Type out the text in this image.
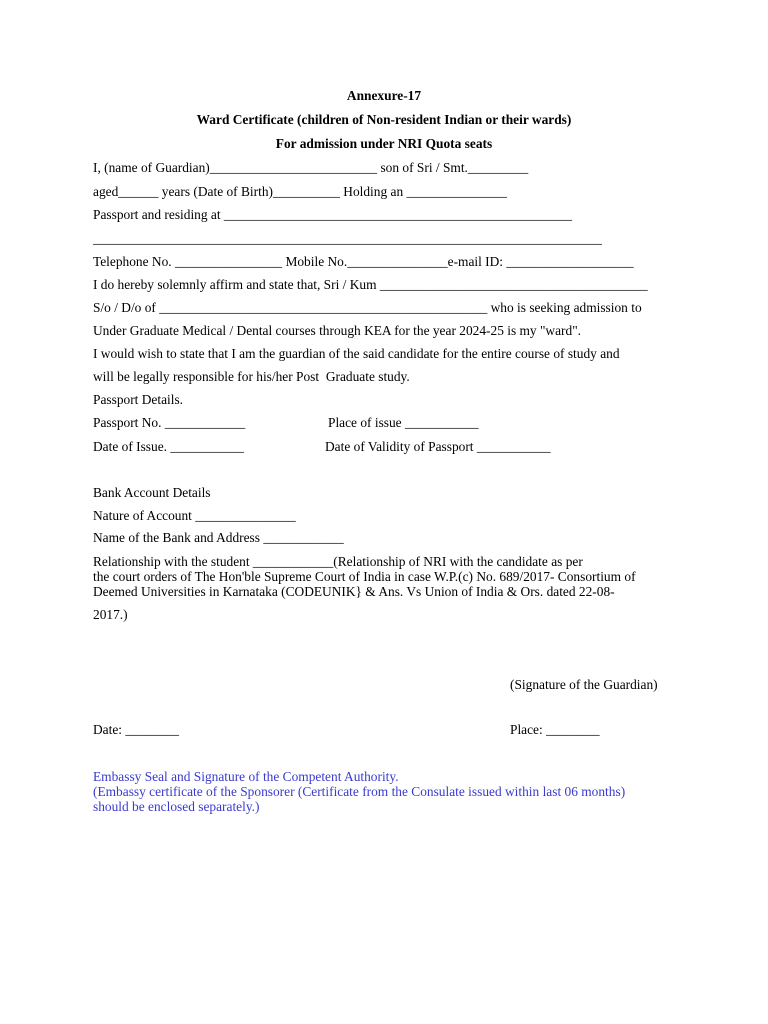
Annexure-17
Ward Certificate (children of Non-resident Indian or their wards)
For admission under NRI Quota seats
I, (name of Guardian)_________________________ son of Sri / Smt._________
aged______ years (Date of Birth)__________ Holding an _______________
Passport and residing at ____________________________________________________
____________________________________________________________________________
Telephone No. ________________ Mobile No._______________e-mail ID: ___________________
I do hereby solemnly affirm and state that, Sri / Kum ________________________________________
S/o / D/o of _________________________________________________ who is seeking admission to
Under Graduate Medical / Dental courses through KEA for the year 2024-25 is my "ward".
I would wish to state that I am the guardian of the said candidate for the entire course of study and
will be legally responsible for his/her Post  Graduate study.
Passport Details.
Passport No. ____________	Place of issue ___________
Date of Issue. ___________	Date of Validity of Passport ___________
Bank Account Details
Nature of Account _______________
Name of the Bank and Address ____________
Relationship with the student ____________(Relationship of NRI with the candidate as per
the court orders of The Hon'ble Supreme Court of India in case W.P.(c) No. 689/2017- Consortium of
Deemed Universities in Karnataka (CODEUNIK} & Ans. Vs Union of India & Ors. dated 22-08-
2017.)
(Signature of the Guardian)
Date: ________	Place: ________
Embassy Seal and Signature of the Competent Authority.
(Embassy certificate of the Sponsorer (Certificate from the Consulate issued within last 06 months)
should be enclosed separately.)
